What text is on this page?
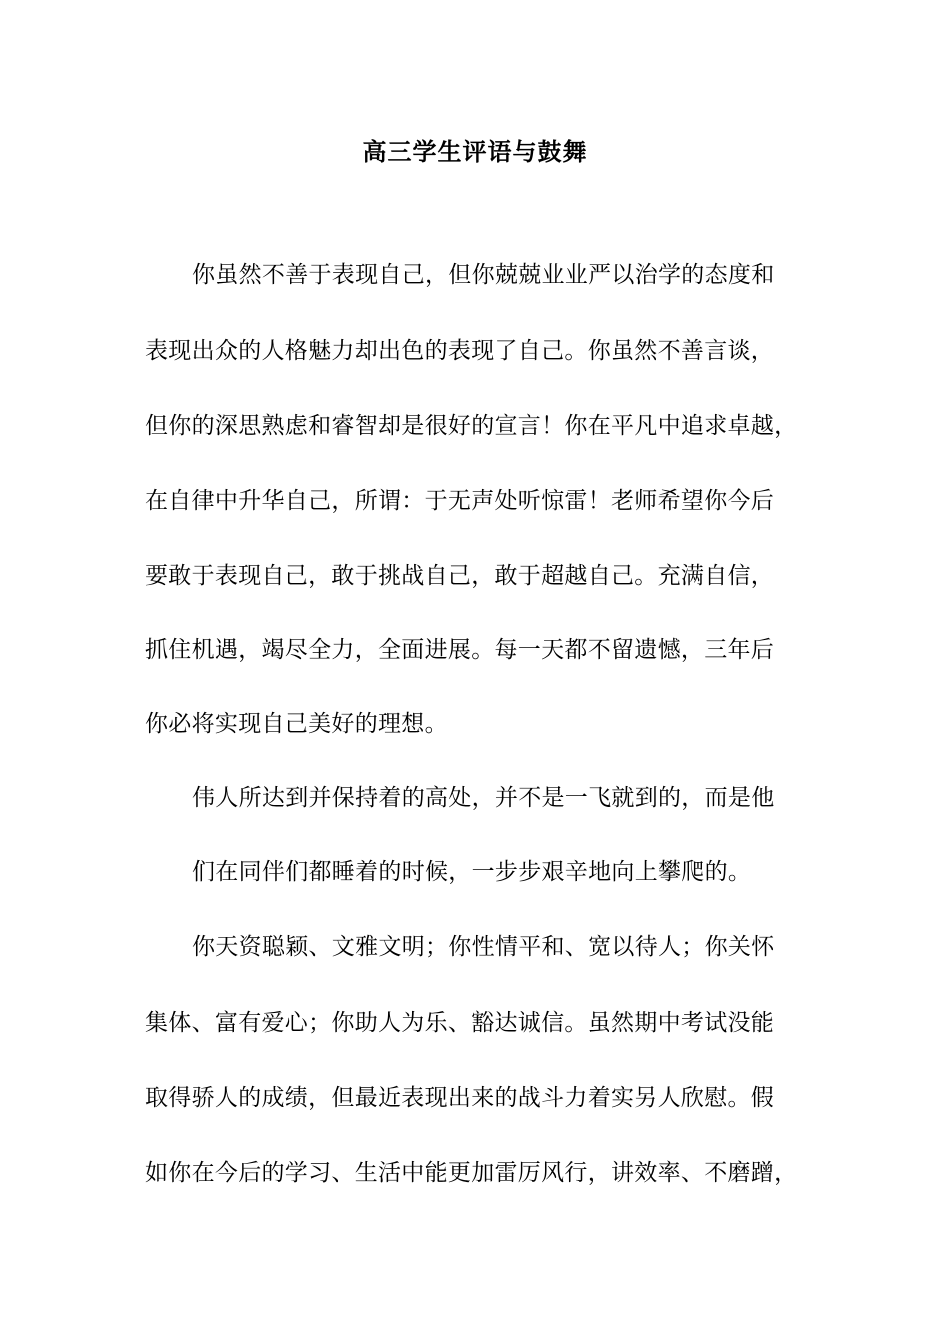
高三学生评语与鼓舞
你虽然不善于表现自己，但你兢兢业业严以治学的态度和
表现出众的人格魅力却出色的表现了自己。你虽然不善言谈，
但你的深思熟虑和睿智却是很好的宣言！你在平凡中追求卓越，
在自律中升华自己，所谓：于无声处听惊雷！老师希望你今后
要敢于表现自己，敢于挑战自己，敢于超越自己。充满自信，
抓住机遇，竭尽全力，全面进展。每一天都不留遗憾，三年后
你必将实现自己美好的理想。
伟人所达到并保持着的高处，并不是一飞就到的，而是他
们在同伴们都睡着的时候，一步步艰辛地向上攀爬的。
你天资聪颖、文雅文明；你性情平和、宽以待人；你关怀
集体、富有爱心；你助人为乐、豁达诚信。虽然期中考试没能
取得骄人的成绩，但最近表现出来的战斗力着实另人欣慰。假
如你在今后的学习、生活中能更加雷厉风行，讲效率、不磨蹭，
